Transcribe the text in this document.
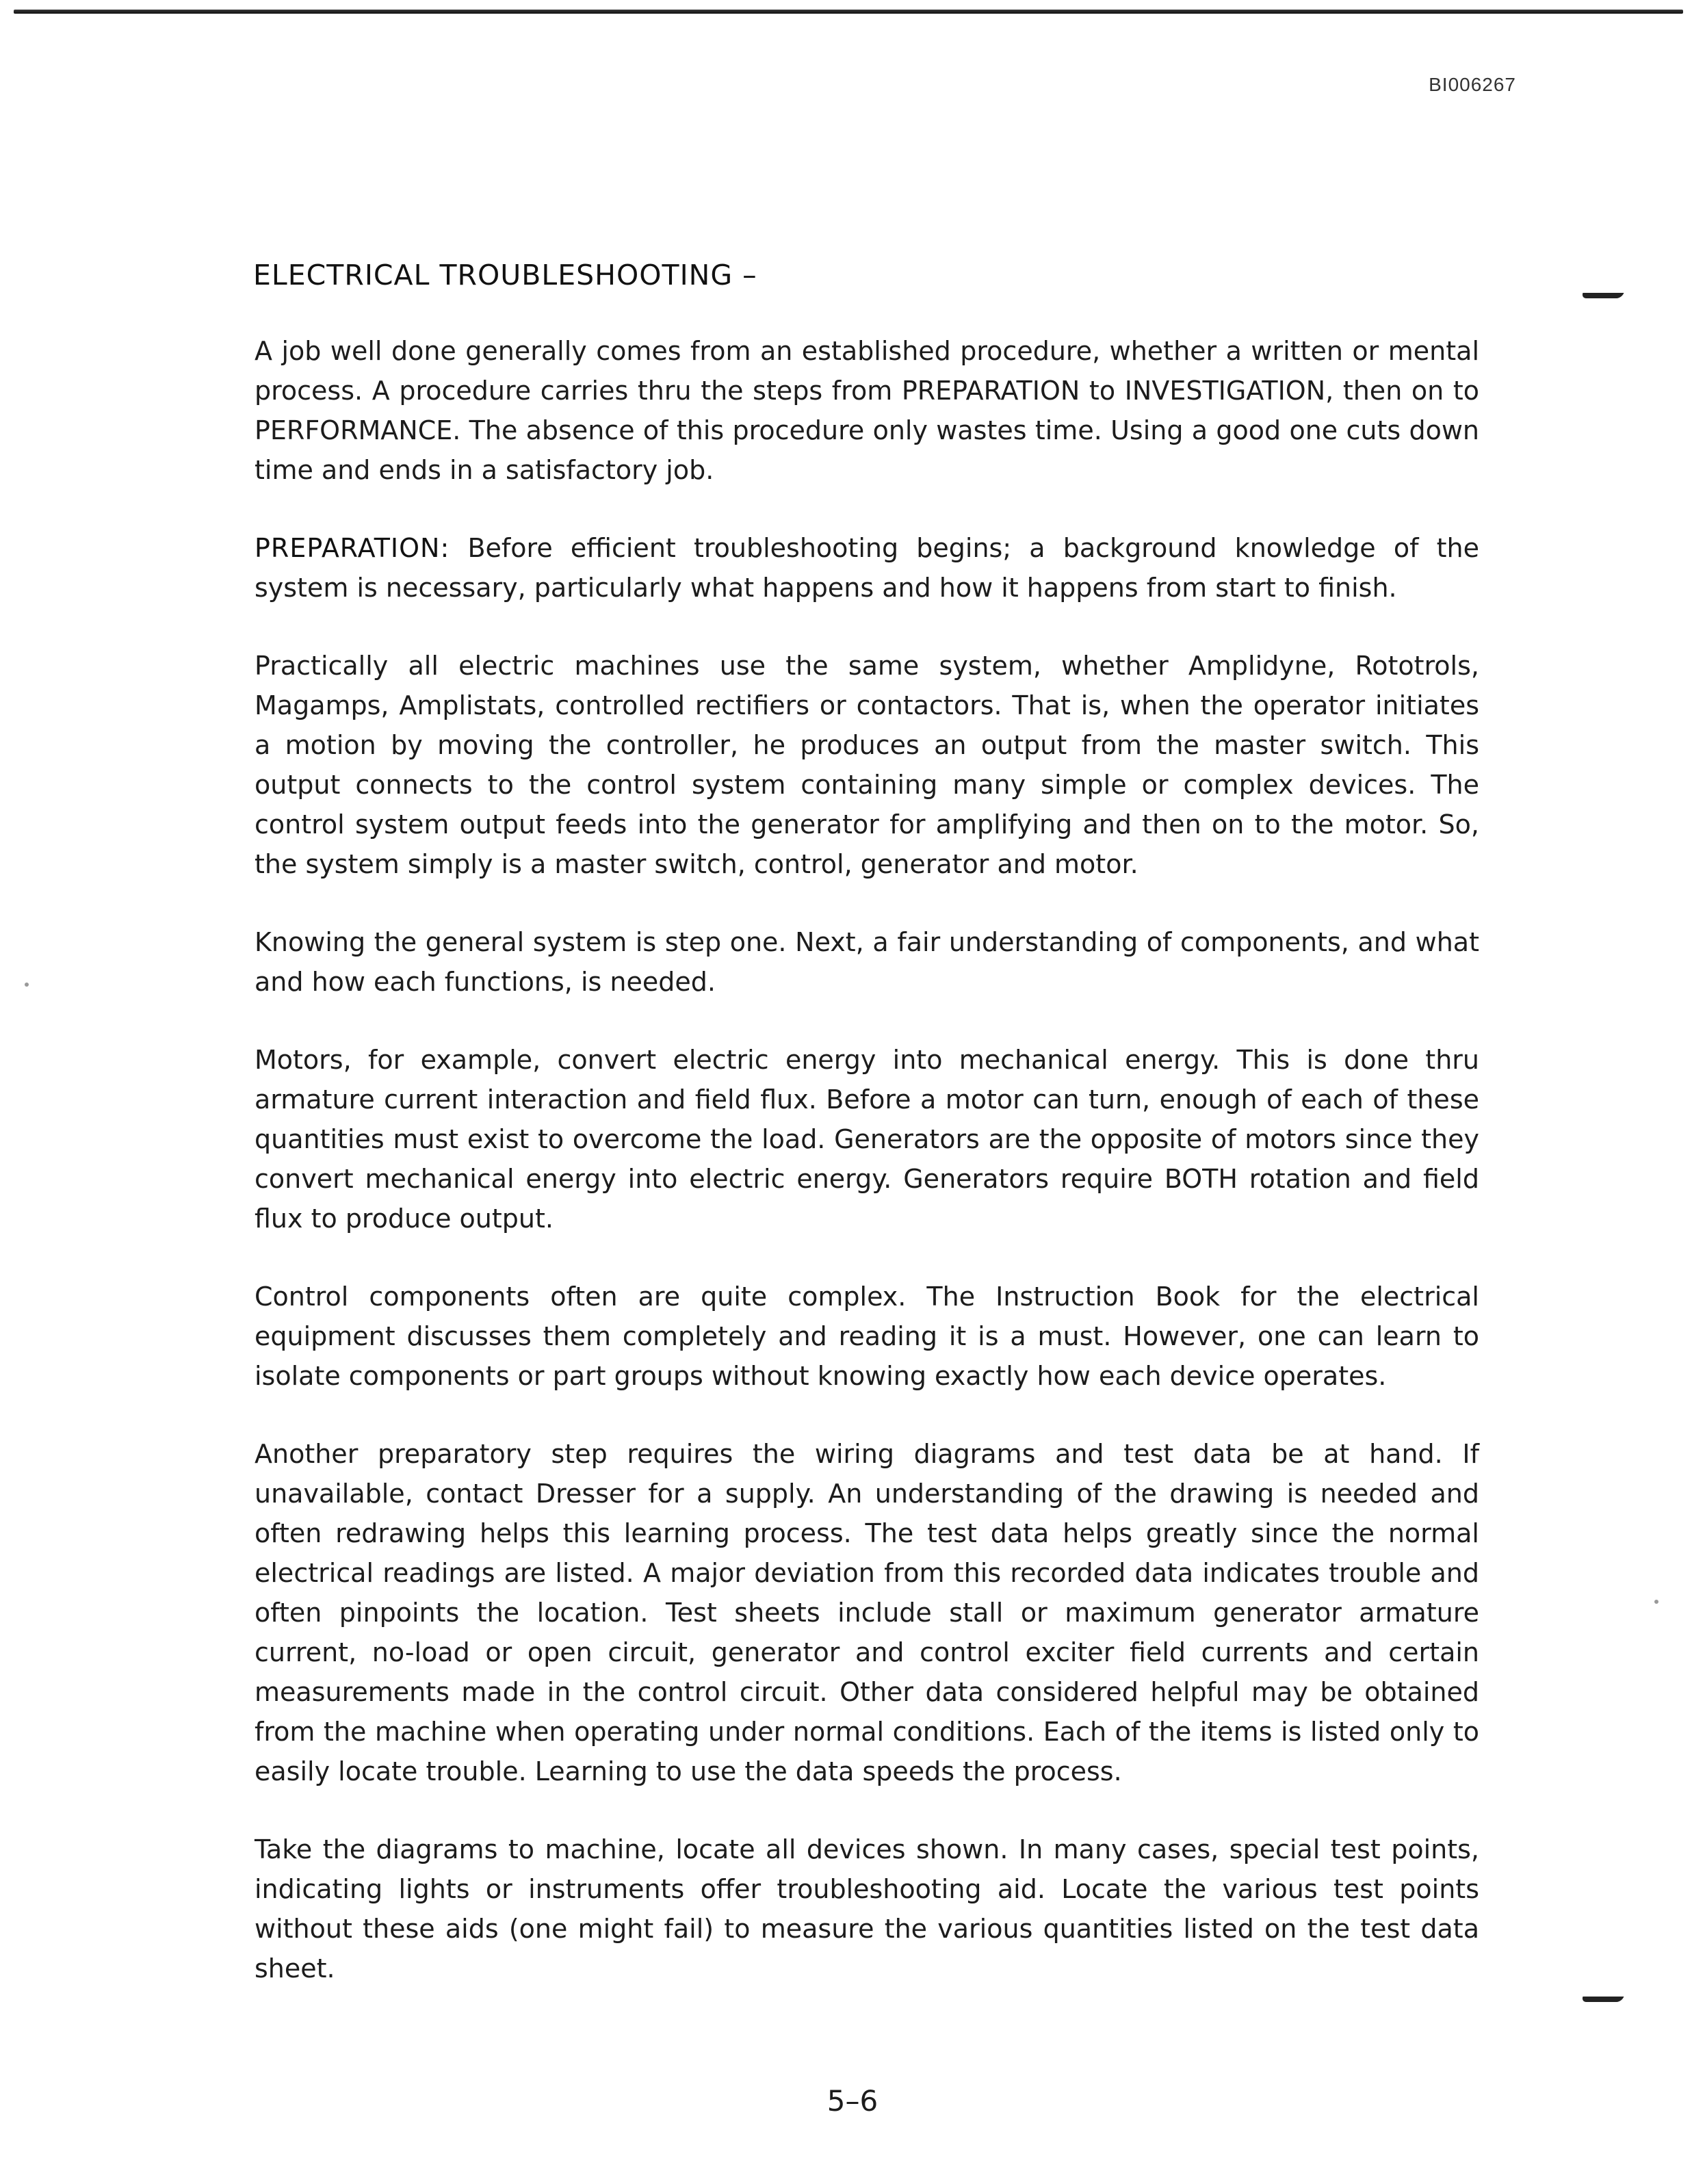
BI006267
ELECTRICAL TROUBLESHOOTING –

A job well done generally comes from an established procedure, whether a written or mental process. A procedure carries thru the steps from PREPARATION to INVESTIGATION, then on to PERFORMANCE. The absence of this procedure only wastes time. Using a good one cuts down time and ends in a satisfactory job.

PREPARATION: Before efficient troubleshooting begins; a background knowledge of the system is necessary, particularly what happens and how it happens from start to finish.

Practically all electric machines use the same system, whether Amplidyne, Rototrols, Magamps, Amplistats, controlled rectifiers or contactors. That is, when the operator initiates a motion by moving the controller, he produces an output from the master switch. This output connects to the control system containing many simple or complex devices. The control system output feeds into the generator for amplifying and then on to the motor. So, the system simply is a master switch, control, generator and motor.

Knowing the general system is step one. Next, a fair understanding of components, and what and how each functions, is needed.

Motors, for example, convert electric energy into mechanical energy. This is done thru armature current interaction and field flux. Before a motor can turn, enough of each of these quantities must exist to overcome the load. Generators are the opposite of motors since they convert mechanical energy into electric energy. Generators require BOTH rotation and field flux to produce output.

Control components often are quite complex. The Instruction Book for the electrical equipment discusses them completely and reading it is a must. However, one can learn to isolate components or part groups without knowing exactly how each device operates.

Another preparatory step requires the wiring diagrams and test data be at hand. If unavailable, contact Dresser for a supply. An understanding of the drawing is needed and often redrawing helps this learning process. The test data helps greatly since the normal electrical readings are listed. A major deviation from this recorded data indicates trouble and often pinpoints the location. Test sheets include stall or maximum generator armature current, no-load or open circuit, generator and control exciter field currents and certain measurements made in the control circuit. Other data considered helpful may be obtained from the machine when operating under normal conditions. Each of the items is listed only to easily locate trouble. Learning to use the data speeds the process.

Take the diagrams to machine, locate all devices shown. In many cases, special test points, indicating lights or instruments offer troubleshooting aid. Locate the various test points without these aids (one might fail) to measure the various quantities listed on the test data sheet.

5–6
